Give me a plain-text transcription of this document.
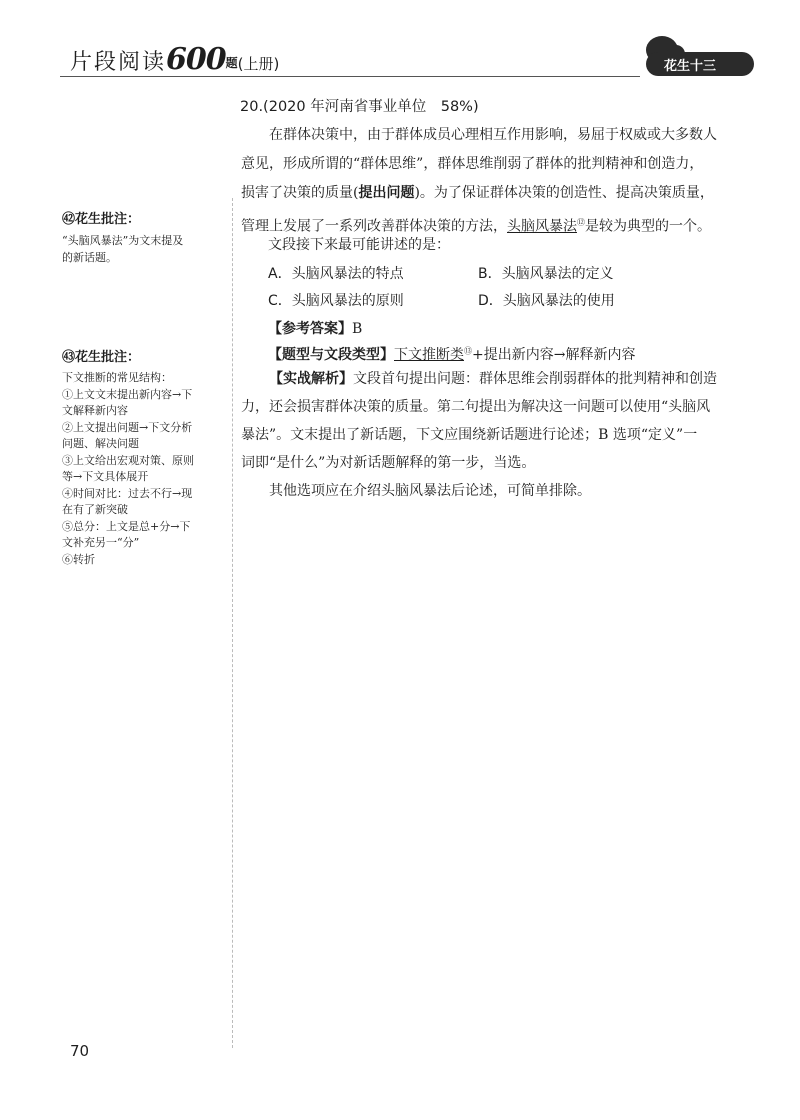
片段阅读600题(上册)	花生十三
㊷花生批注：
“头脑风暴法”为文末提及
的新话题。
㊸花生批注：
下文推断的常见结构：
①上文文末提出新内容→下
文解释新内容
②上文提出问题→下文分析
问题、解决问题
③上文给出宏观对策、原则
等→下文具体展开
④时间对比：过去不行→现
在有了新突破
⑤总分：上文是总+分→下
文补充另一“分”
⑥转折
20.(2020 年河南省事业单位　58%)
在群体决策中，由于群体成员心理相互作用影响，易屈于权威或大多数人
意见，形成所谓的“群体思维”，群体思维削弱了群体的批判精神和创造力，
损害了决策的质量(提出问题)。为了保证群体决策的创造性、提高决策质量，
管理上发展了一系列改善群体决策的方法，头脑风暴法⑫是较为典型的一个。
文段接下来最可能讲述的是：
A．头脑风暴法的特点	B．头脑风暴法的定义
C．头脑风暴法的原则	D．头脑风暴法的使用
【参考答案】B
【题型与文段类型】下文推断类⑬+提出新内容→解释新内容
【实战解析】文段首句提出问题：群体思维会削弱群体的批判精神和创造
力，还会损害群体决策的质量。第二句提出为解决这一问题可以使用“头脑风
暴法”。文末提出了新话题，下文应围绕新话题进行论述；B 选项“定义”一
词即“是什么”为对新话题解释的第一步，当选。
其他选项应在介绍头脑风暴法后论述，可简单排除。
70
